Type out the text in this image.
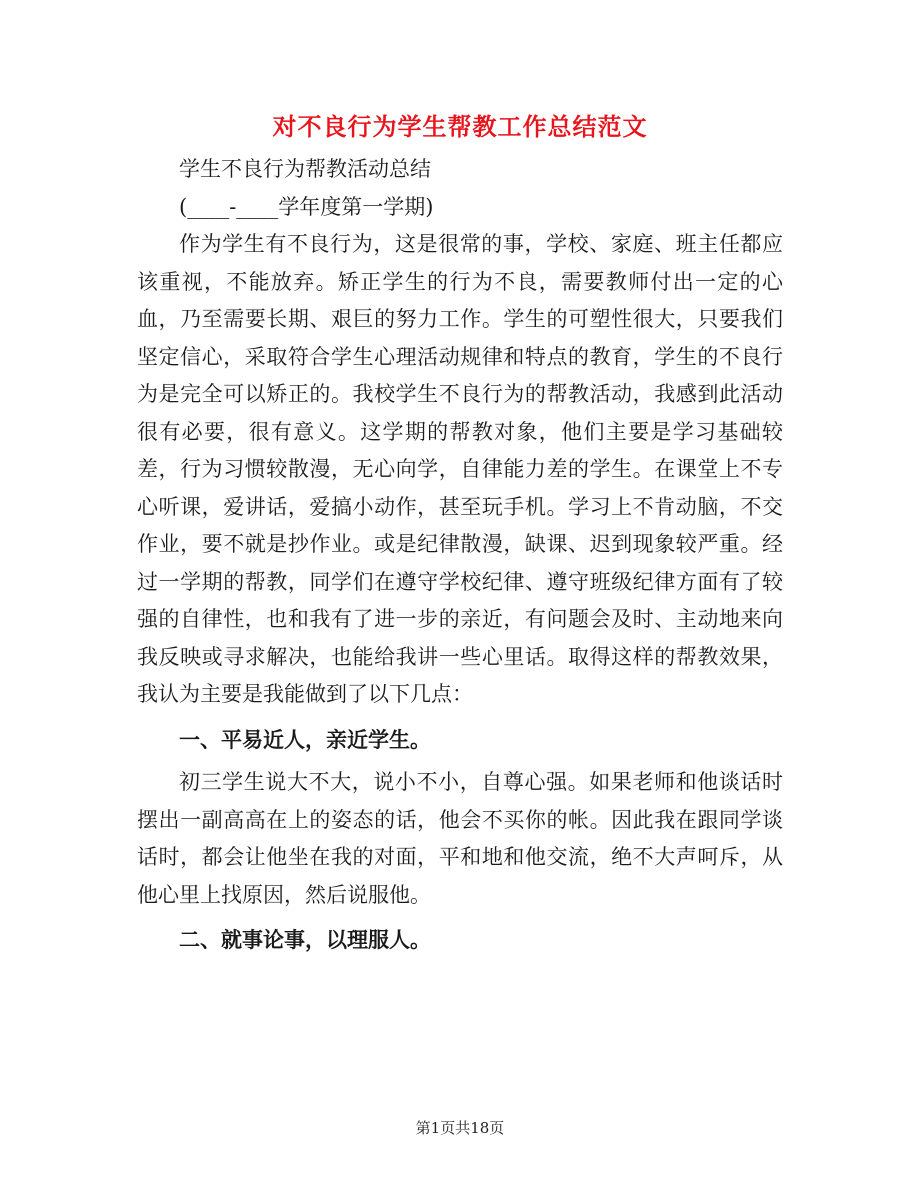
对不良行为学生帮教工作总结范文

学生不良行为帮教活动总结

(____-____学年度第一学期)

作为学生有不良行为，这是很常的事，学校、家庭、班主任都应该重视，不能放弃。矫正学生的行为不良，需要教师付出一定的心血，乃至需要长期、艰巨的努力工作。学生的可塑性很大，只要我们坚定信心，采取符合学生心理活动规律和特点的教育，学生的不良行为是完全可以矫正的。我校学生不良行为的帮教活动，我感到此活动很有必要，很有意义。这学期的帮教对象，他们主要是学习基础较差，行为习惯较散漫，无心向学，自律能力差的学生。在课堂上不专心听课，爱讲话，爱搞小动作，甚至玩手机。学习上不肯动脑，不交作业，要不就是抄作业。或是纪律散漫，缺课、迟到现象较严重。经过一学期的帮教，同学们在遵守学校纪律、遵守班级纪律方面有了较强的自律性，也和我有了进一步的亲近，有问题会及时、主动地来向我反映或寻求解决，也能给我讲一些心里话。取得这样的帮教效果，我认为主要是我能做到了以下几点：

一、平易近人，亲近学生。

初三学生说大不大，说小不小，自尊心强。如果老师和他谈话时摆出一副高高在上的姿态的话，他会不买你的帐。因此我在跟同学谈话时，都会让他坐在我的对面，平和地和他交流，绝不大声呵斥，从他心里上找原因，然后说服他。

二、就事论事，以理服人。
第1页共18页
